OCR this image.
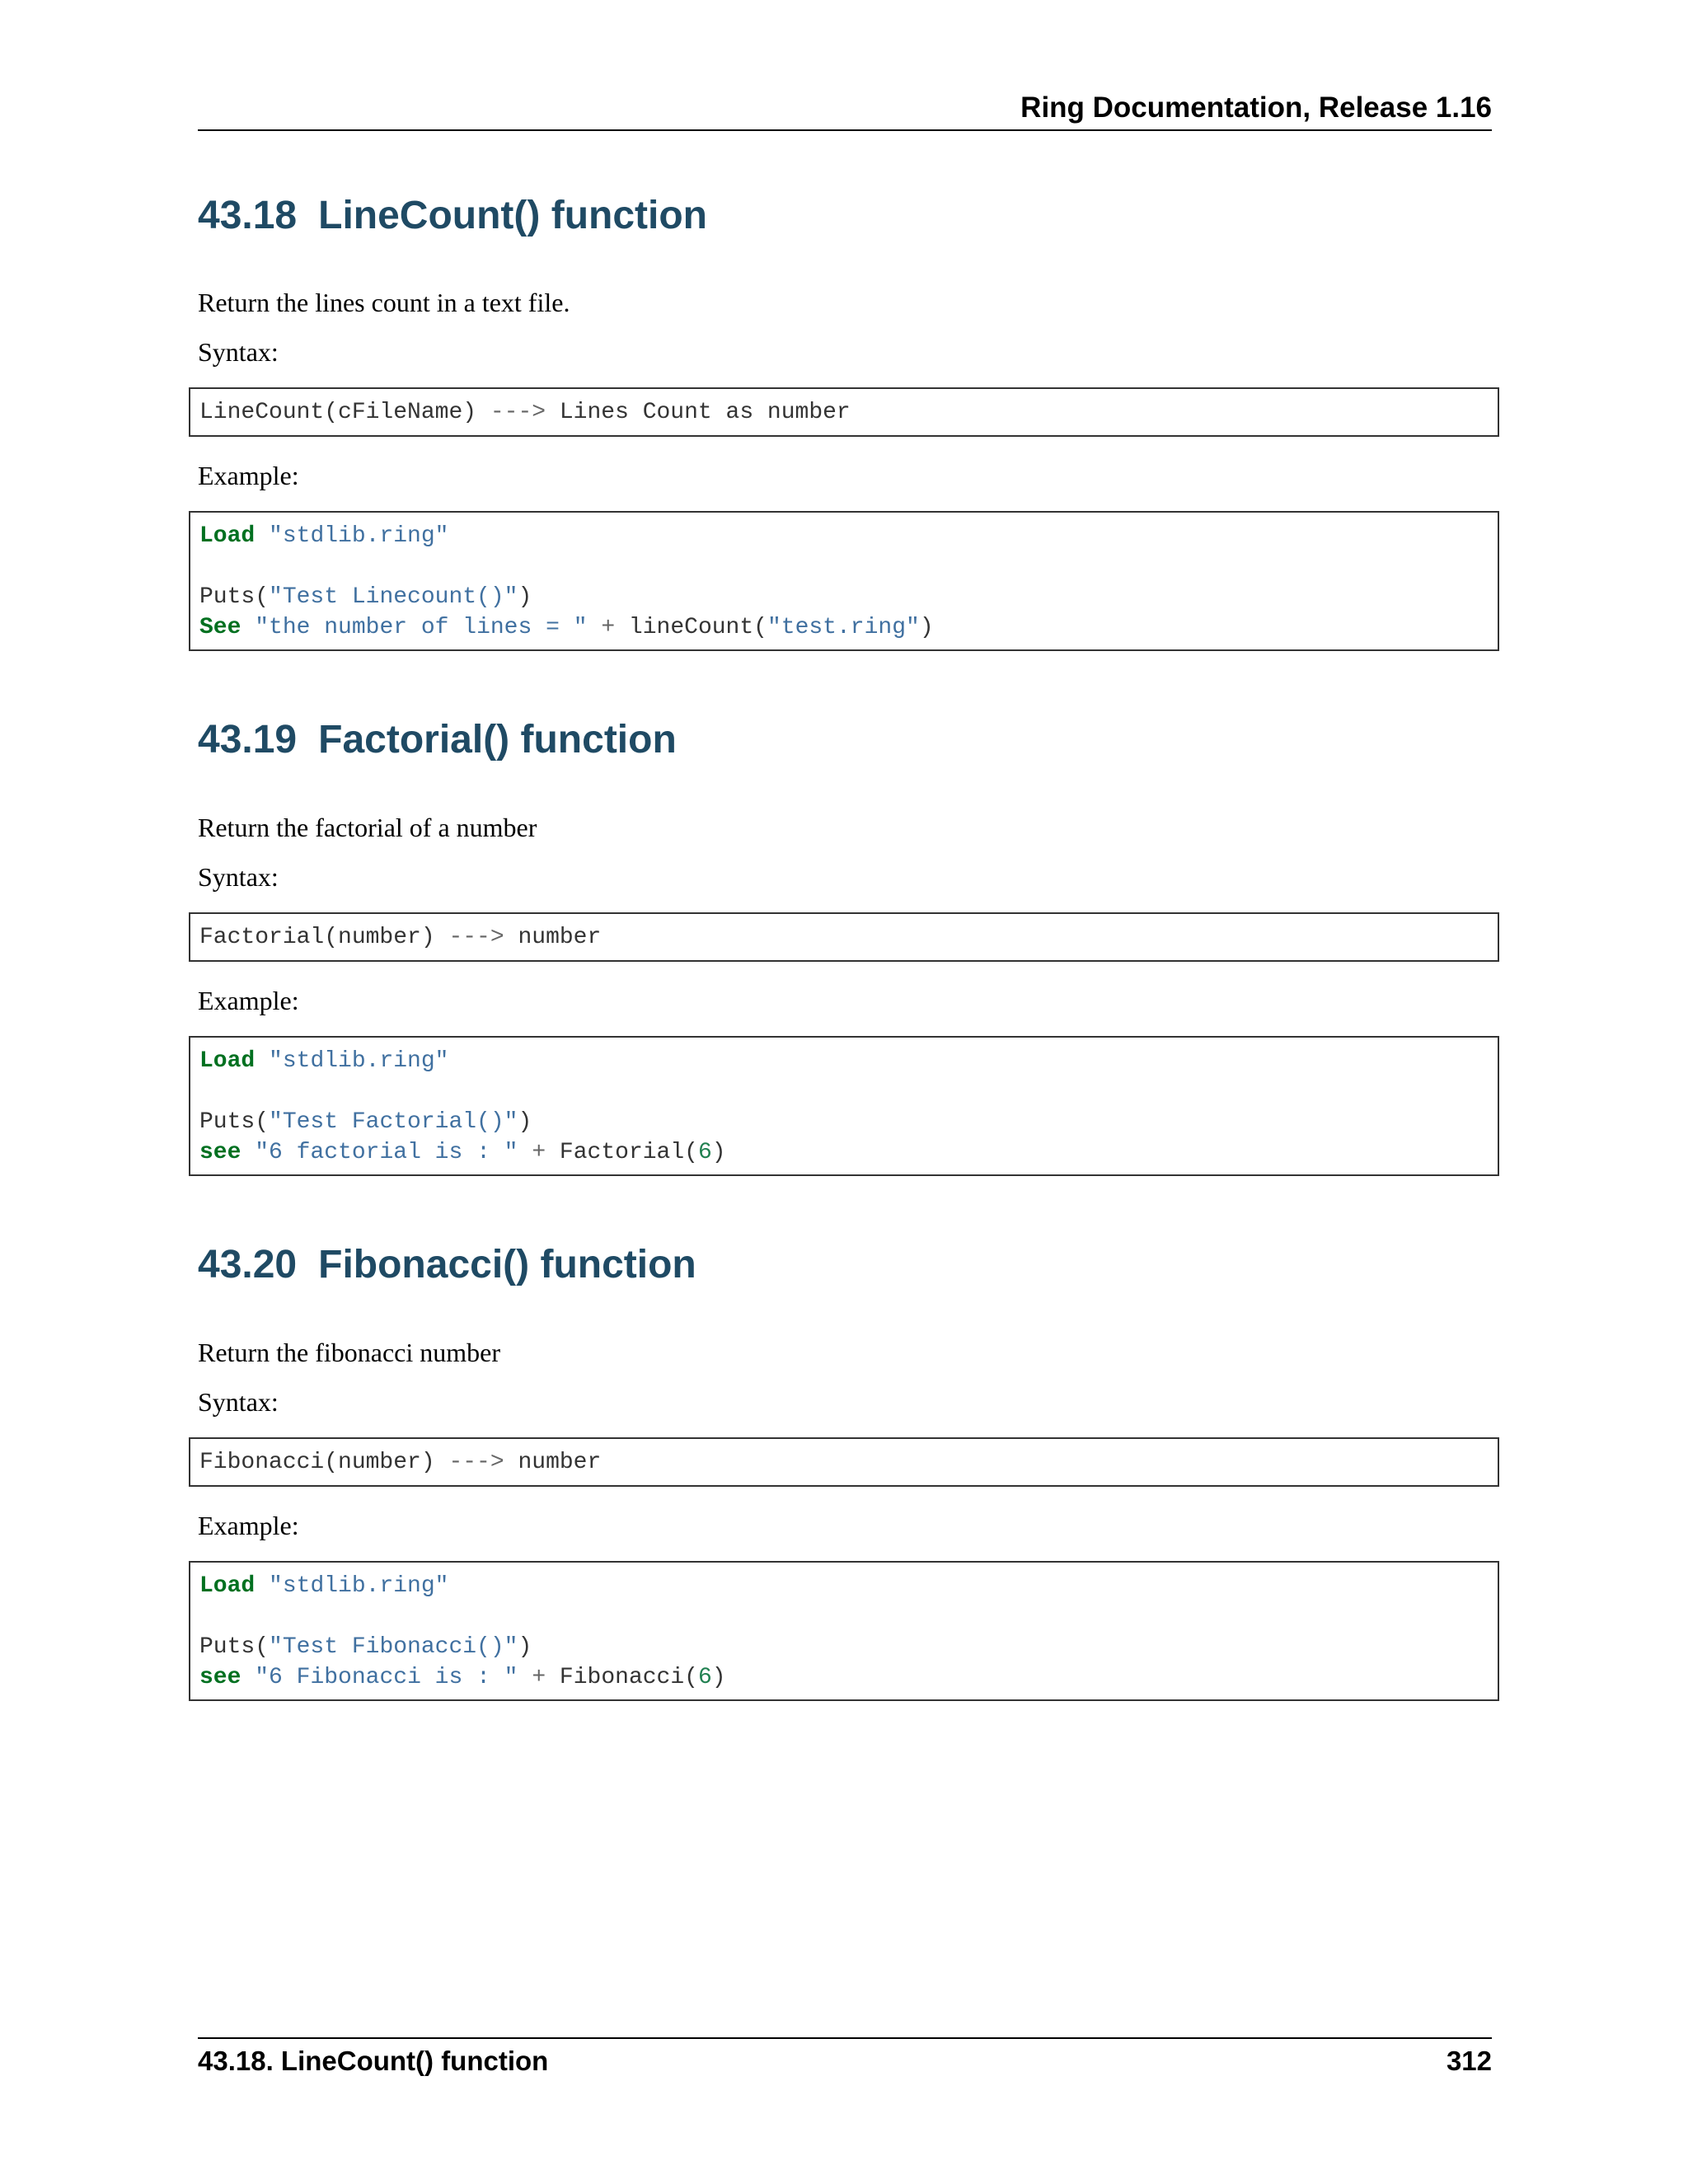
Ring Documentation, Release 1.16
43.18 LineCount() function
Return the lines count in a text file.
Syntax:
LineCount(cFileName) ---> Lines Count as number
Example:
Load "stdlib.ring"
Puts("Test Linecount()")
See "the number of lines = " + lineCount("test.ring")
43.19 Factorial() function
Return the factorial of a number
Syntax:
Factorial(number) ---> number
Example:
Load "stdlib.ring"
Puts("Test Factorial()")
see "6 factorial is : " + Factorial(6)
43.20 Fibonacci() function
Return the fibonacci number
Syntax:
Fibonacci(number) ---> number
Example:
Load "stdlib.ring"
Puts("Test Fibonacci()")
see "6 Fibonacci is : " + Fibonacci(6)
43.18. LineCount() function	312
